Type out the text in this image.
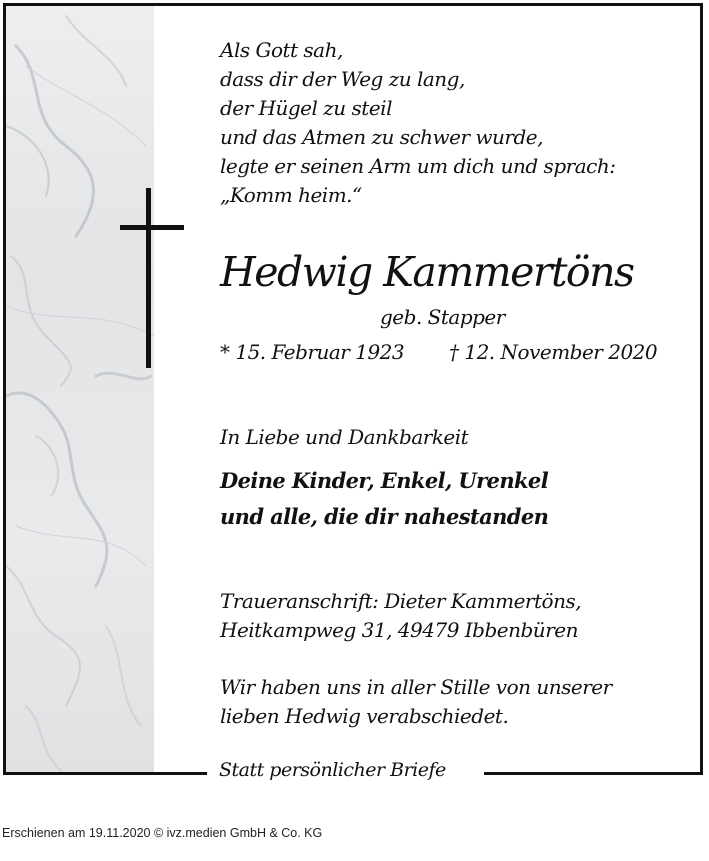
Als Gott sah,
dass dir der Weg zu lang,
der Hügel zu steil
und das Atmen zu schwer wurde,
legte er seinen Arm um dich und sprach:
„Komm heim.“
Hedwig Kammertöns
geb. Stapper
* 15. Februar 1923 † 12. November 2020
In Liebe und Dankbarkeit
Deine Kinder, Enkel, Urenkel
und alle, die dir nahestanden
Traueranschrift: Dieter Kammertöns,
Heitkampweg 31, 49479 Ibbenbüren
Wir haben uns in aller Stille von unserer
lieben Hedwig verabschiedet.
Statt persönlicher Briefe
Erschienen am 19.11.2020 © ivz.medien GmbH & Co. KG
